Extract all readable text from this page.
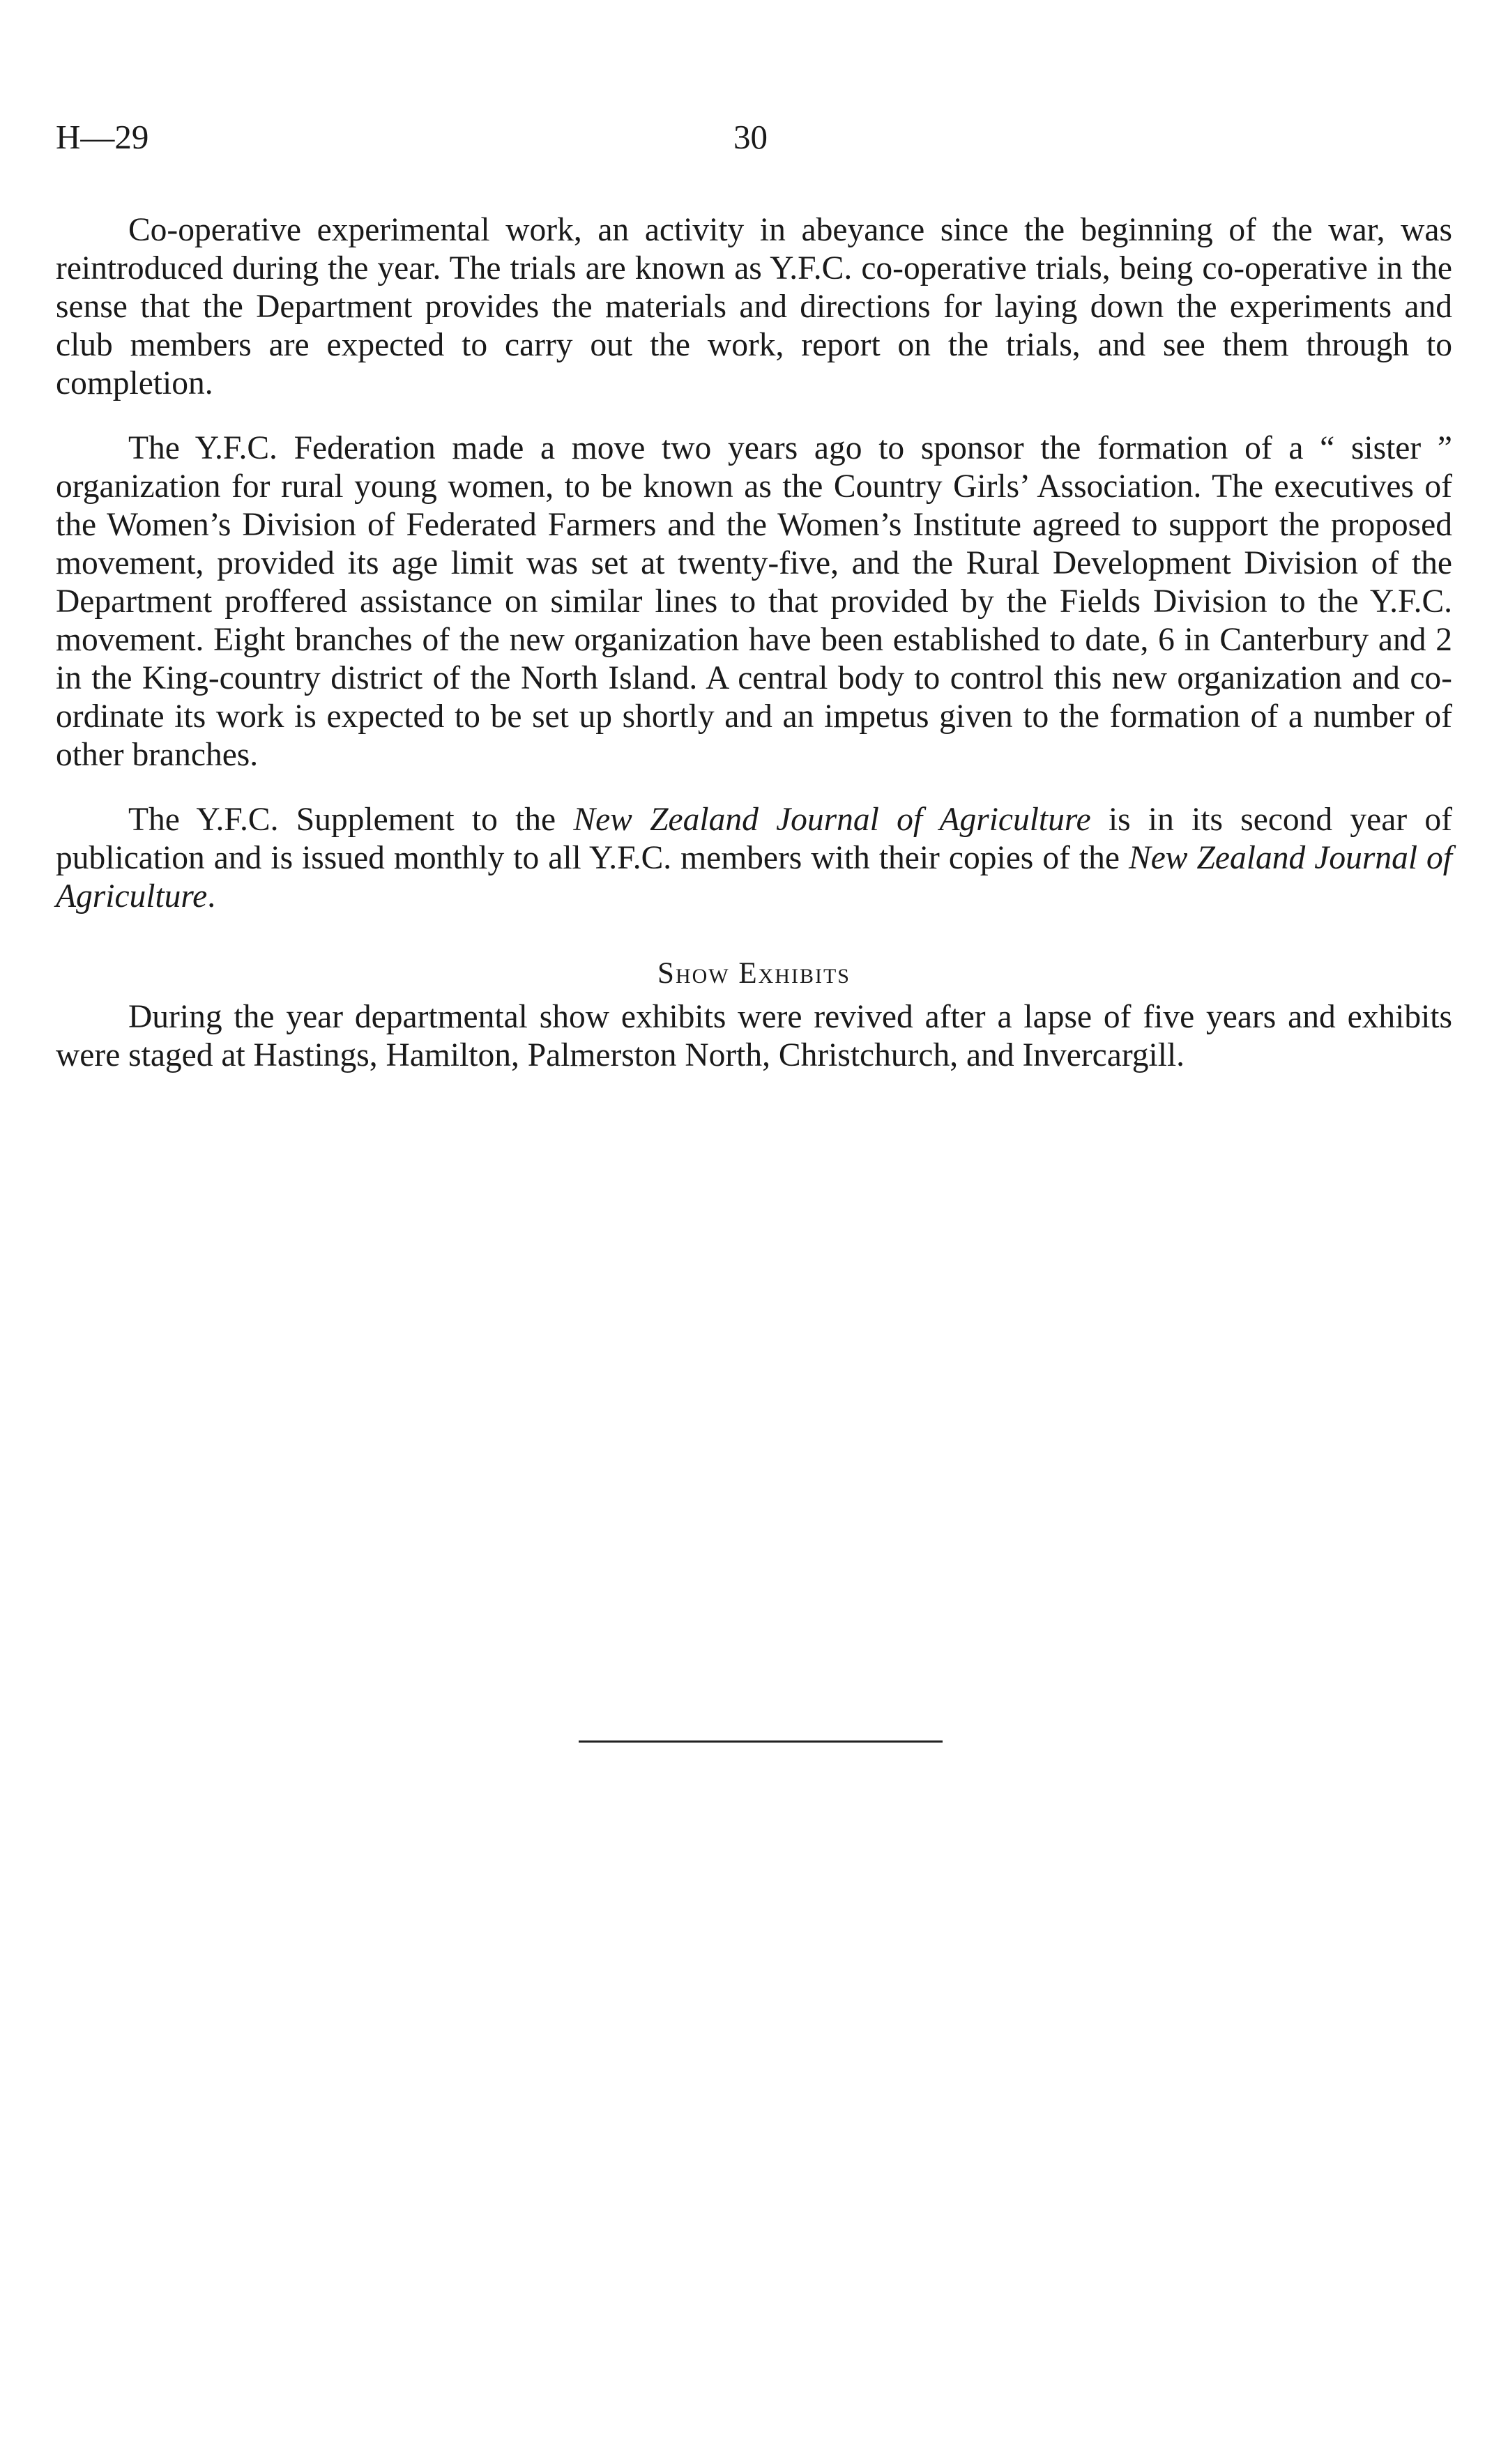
H—29	30

Co-operative experimental work, an activity in abeyance since the beginning of the war, was reintroduced during the year. The trials are known as Y.F.C. co-operative trials, being co-operative in the sense that the Department provides the materials and directions for laying down the experiments and club members are expected to carry out the work, report on the trials, and see them through to completion.

The Y.F.C. Federation made a move two years ago to sponsor the formation of a “ sister ” organization for rural young women, to be known as the Country Girls’ Association. The executives of the Women’s Division of Federated Farmers and the Women’s Institute agreed to support the proposed movement, provided its age limit was set at twenty-five, and the Rural Development Division of the Department proffered assistance on similar lines to that provided by the Fields Division to the Y.F.C. movement. Eight branches of the new organization have been established to date, 6 in Canterbury and 2 in the King-country district of the North Island. A central body to control this new organization and co-ordinate its work is expected to be set up shortly and an impetus given to the formation of a number of other branches.

The Y.F.C. Supplement to the New Zealand Journal of Agriculture is in its second year of publication and is issued monthly to all Y.F.C. members with their copies of the New Zealand Journal of Agriculture.

Show Exhibits

During the year departmental show exhibits were revived after a lapse of five years and exhibits were staged at Hastings, Hamilton, Palmerston North, Christchurch, and Invercargill.
